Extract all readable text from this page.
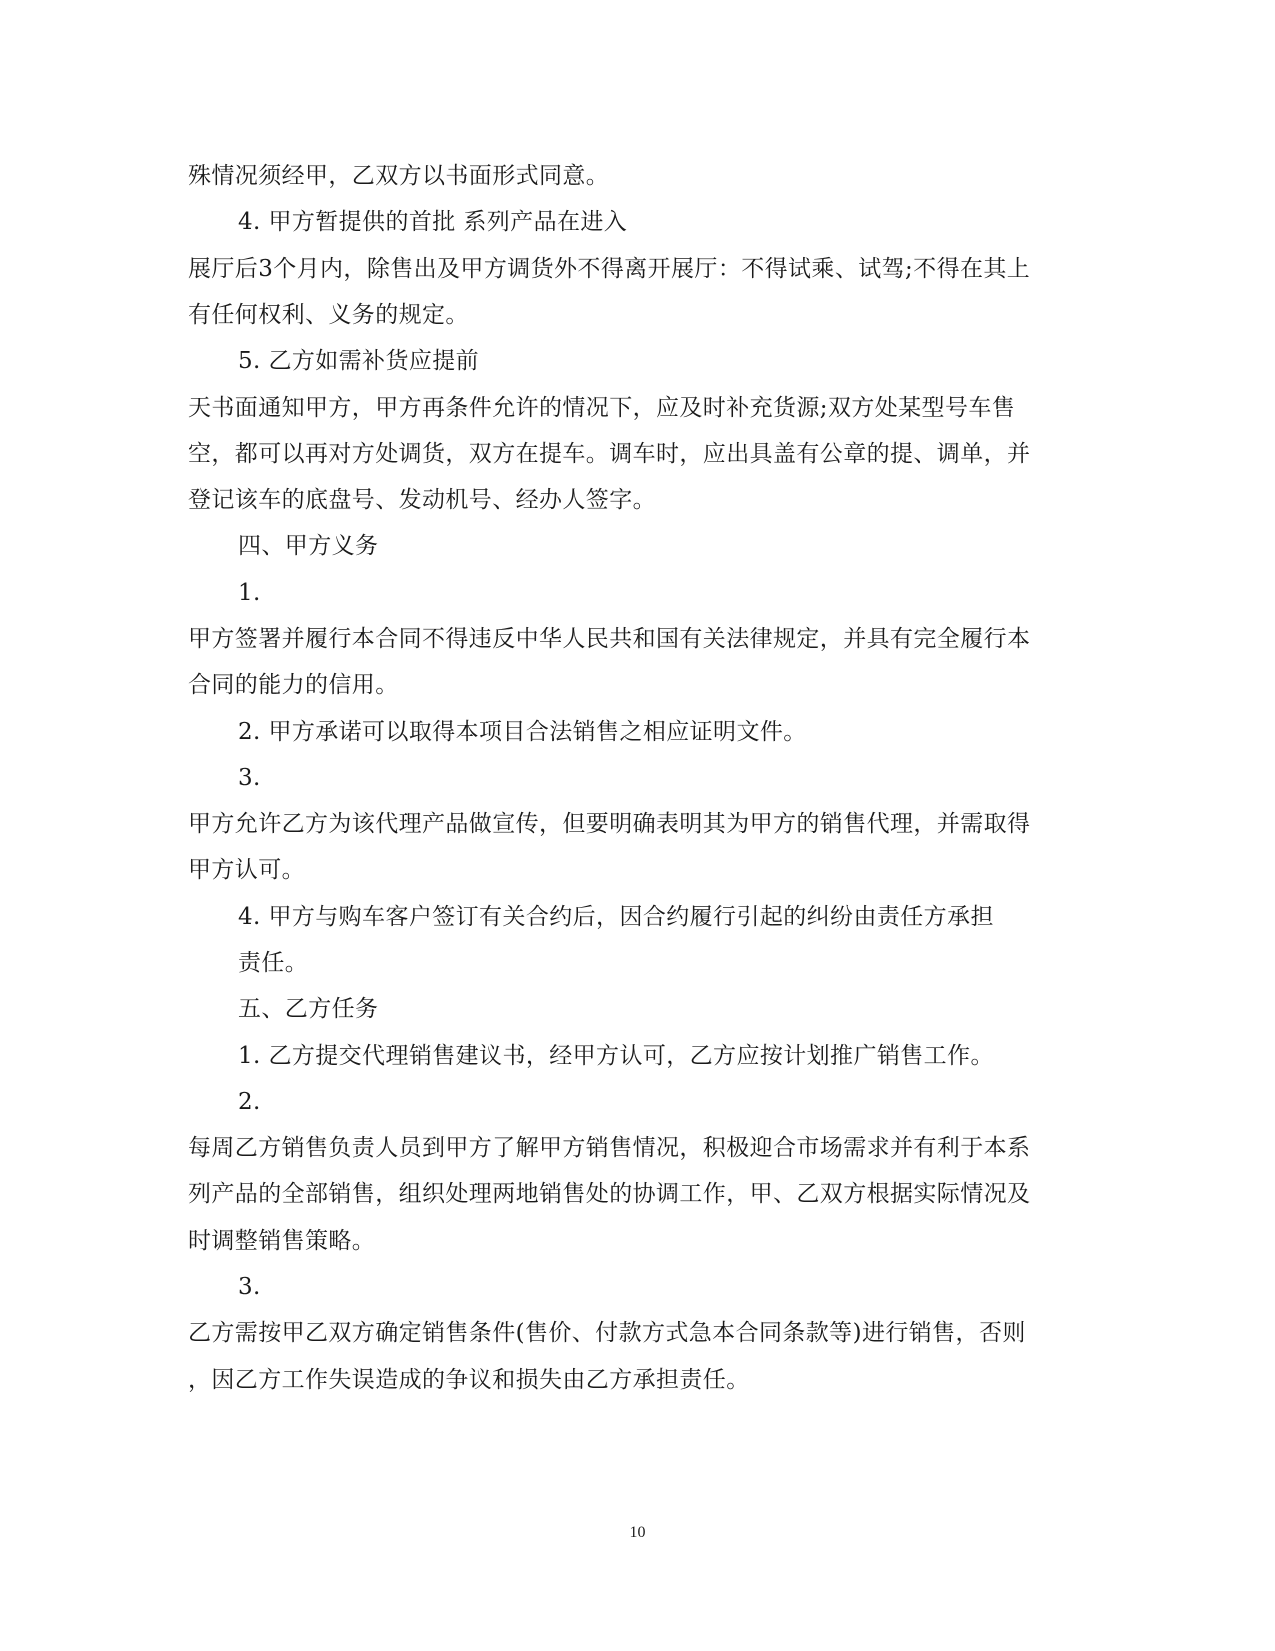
殊情况须经甲，乙双方以书面形式同意。
4. 甲方暂提供的首批 系列产品在进入
展厅后3个月内，除售出及甲方调货外不得离开展厅：不得试乘、试驾;不得在其上
有任何权利、义务的规定。
5. 乙方如需补货应提前
天书面通知甲方，甲方再条件允许的情况下，应及时补充货源;双方处某型号车售
空，都可以再对方处调货，双方在提车。调车时，应出具盖有公章的提、调单，并
登记该车的底盘号、发动机号、经办人签字。
四、甲方义务
1.
甲方签署并履行本合同不得违反中华人民共和国有关法律规定，并具有完全履行本
合同的能力的信用。
2. 甲方承诺可以取得本项目合法销售之相应证明文件。
3.
甲方允许乙方为该代理产品做宣传，但要明确表明其为甲方的销售代理，并需取得
甲方认可。
4. 甲方与购车客户签订有关合约后，因合约履行引起的纠纷由责任方承担
责任。
五、乙方任务
1. 乙方提交代理销售建议书，经甲方认可，乙方应按计划推广销售工作。
2.
每周乙方销售负责人员到甲方了解甲方销售情况，积极迎合市场需求并有利于本系
列产品的全部销售，组织处理两地销售处的协调工作，甲、乙双方根据实际情况及
时调整销售策略。
3.
乙方需按甲乙双方确定销售条件(售价、付款方式急本合同条款等)进行销售，否则
，因乙方工作失误造成的争议和损失由乙方承担责任。
10
